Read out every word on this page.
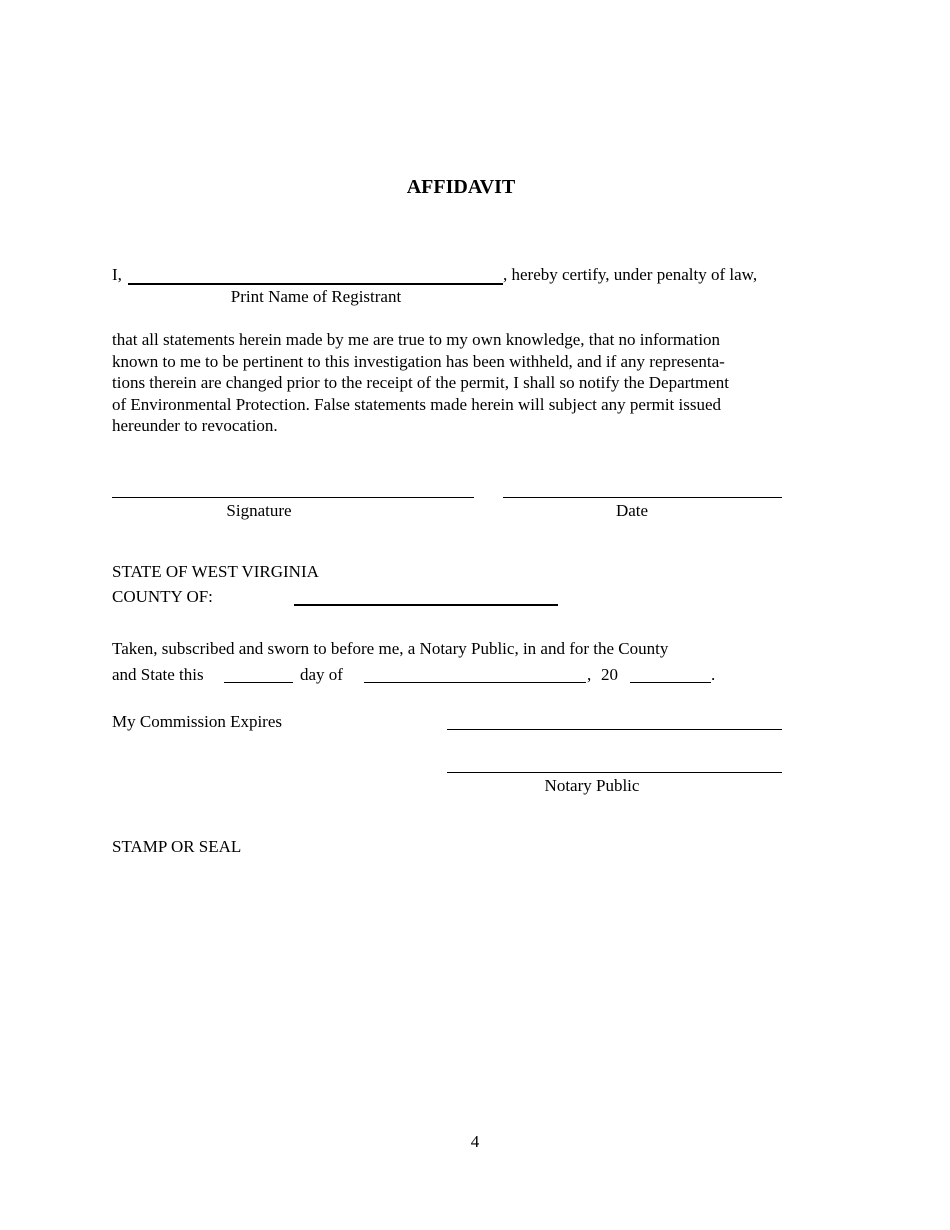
AFFIDAVIT
I,	, hereby certify, under penalty of law,
Print Name of Registrant
that all statements herein made by me are true to my own knowledge, that no information
known to me to be pertinent to this investigation has been withheld, and if any representa-
tions therein are changed prior to the receipt of the permit, I shall so notify the Department
of Environmental Protection. False statements made herein will subject any permit issued
hereunder to revocation.
Signature	Date
STATE OF WEST VIRGINIA
COUNTY OF:
Taken, subscribed and sworn to before me, a Notary Public, in and for the County
and State this	day of	, 20	.
My Commission Expires
Notary Public
STAMP OR SEAL
4
